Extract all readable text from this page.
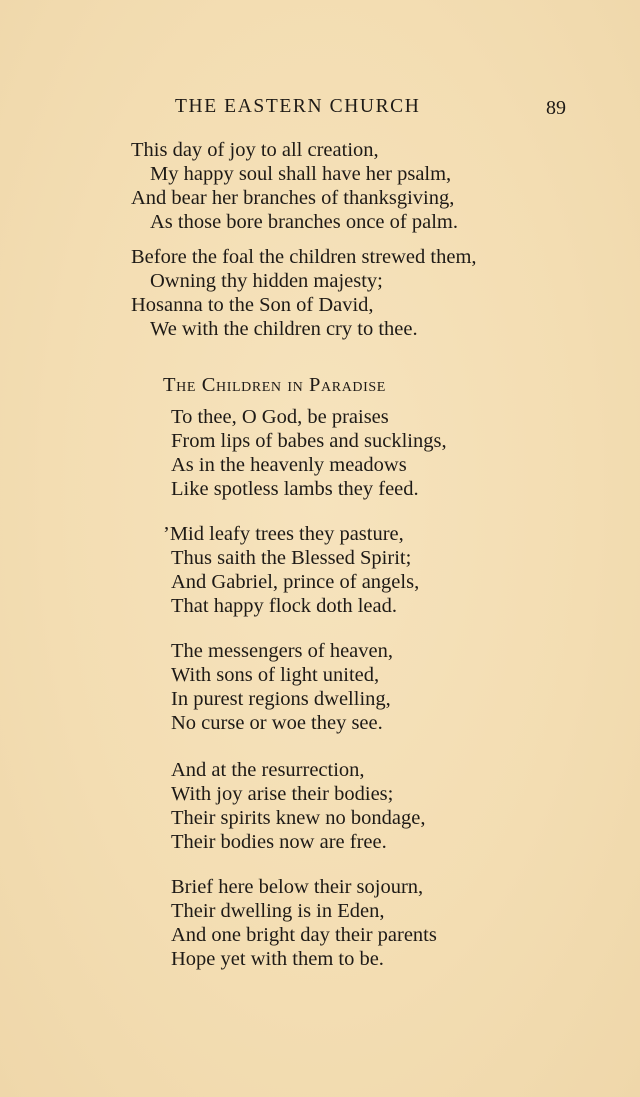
THE EASTERN CHURCH	89
This day of joy to all creation,
My happy soul shall have her psalm,
And bear her branches of thanksgiving,
As those bore branches once of palm.
Before the foal the children strewed them,
Owning thy hidden majesty;
Hosanna to the Son of David,
We with the children cry to thee.
The Children in Paradise
To thee, O God, be praises
From lips of babes and sucklings,
As in the heavenly meadows
Like spotless lambs they feed.
’Mid leafy trees they pasture,
Thus saith the Blessed Spirit;
And Gabriel, prince of angels,
That happy flock doth lead.
The messengers of heaven,
With sons of light united,
In purest regions dwelling,
No curse or woe they see.
And at the resurrection,
With joy arise their bodies;
Their spirits knew no bondage,
Their bodies now are free.
Brief here below their sojourn,
Their dwelling is in Eden,
And one bright day their parents
Hope yet with them to be.
